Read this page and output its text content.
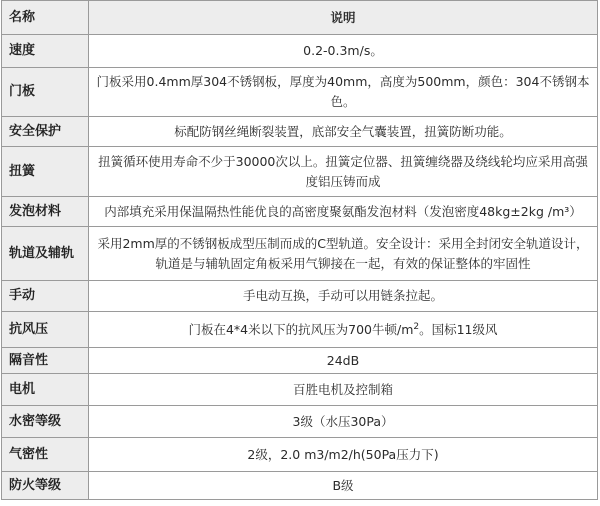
名称	说明
速度	0.2-0.3m/s。
门板	门板采用0.4mm厚304不锈钢板，厚度为40mm，高度为500mm，颜色：304不锈钢本色。
安全保护	标配防钢丝绳断裂装置，底部安全气囊装置，扭簧防断功能。
扭簧	扭簧循环使用寿命不少于30000次以上。扭簧定位器、扭簧缠绕器及绕线轮均应采用高强度铝压铸而成
发泡材料	内部填充采用保温隔热性能优良的高密度聚氨酯发泡材料（发泡密度48kg±2kg /m³）
轨道及辅轨	采用2mm厚的不锈钢板成型压制而成的C型轨道。安全设计：采用全封闭安全轨道设计，轨道是与辅轨固定角板采用气铆接在一起，有效的保证整体的牢固性
手动	手电动互换，手动可以用链条拉起。
抗风压	门板在4*4米以下的抗风压为700牛顿$/m^2$。国标11级风
隔音性	24dB
电机	百胜电机及控制箱
水密等级	3级（水压30Pa）
气密性	2级，2.0 m3/m2/h(50Pa压力下)
防火等级	B级
